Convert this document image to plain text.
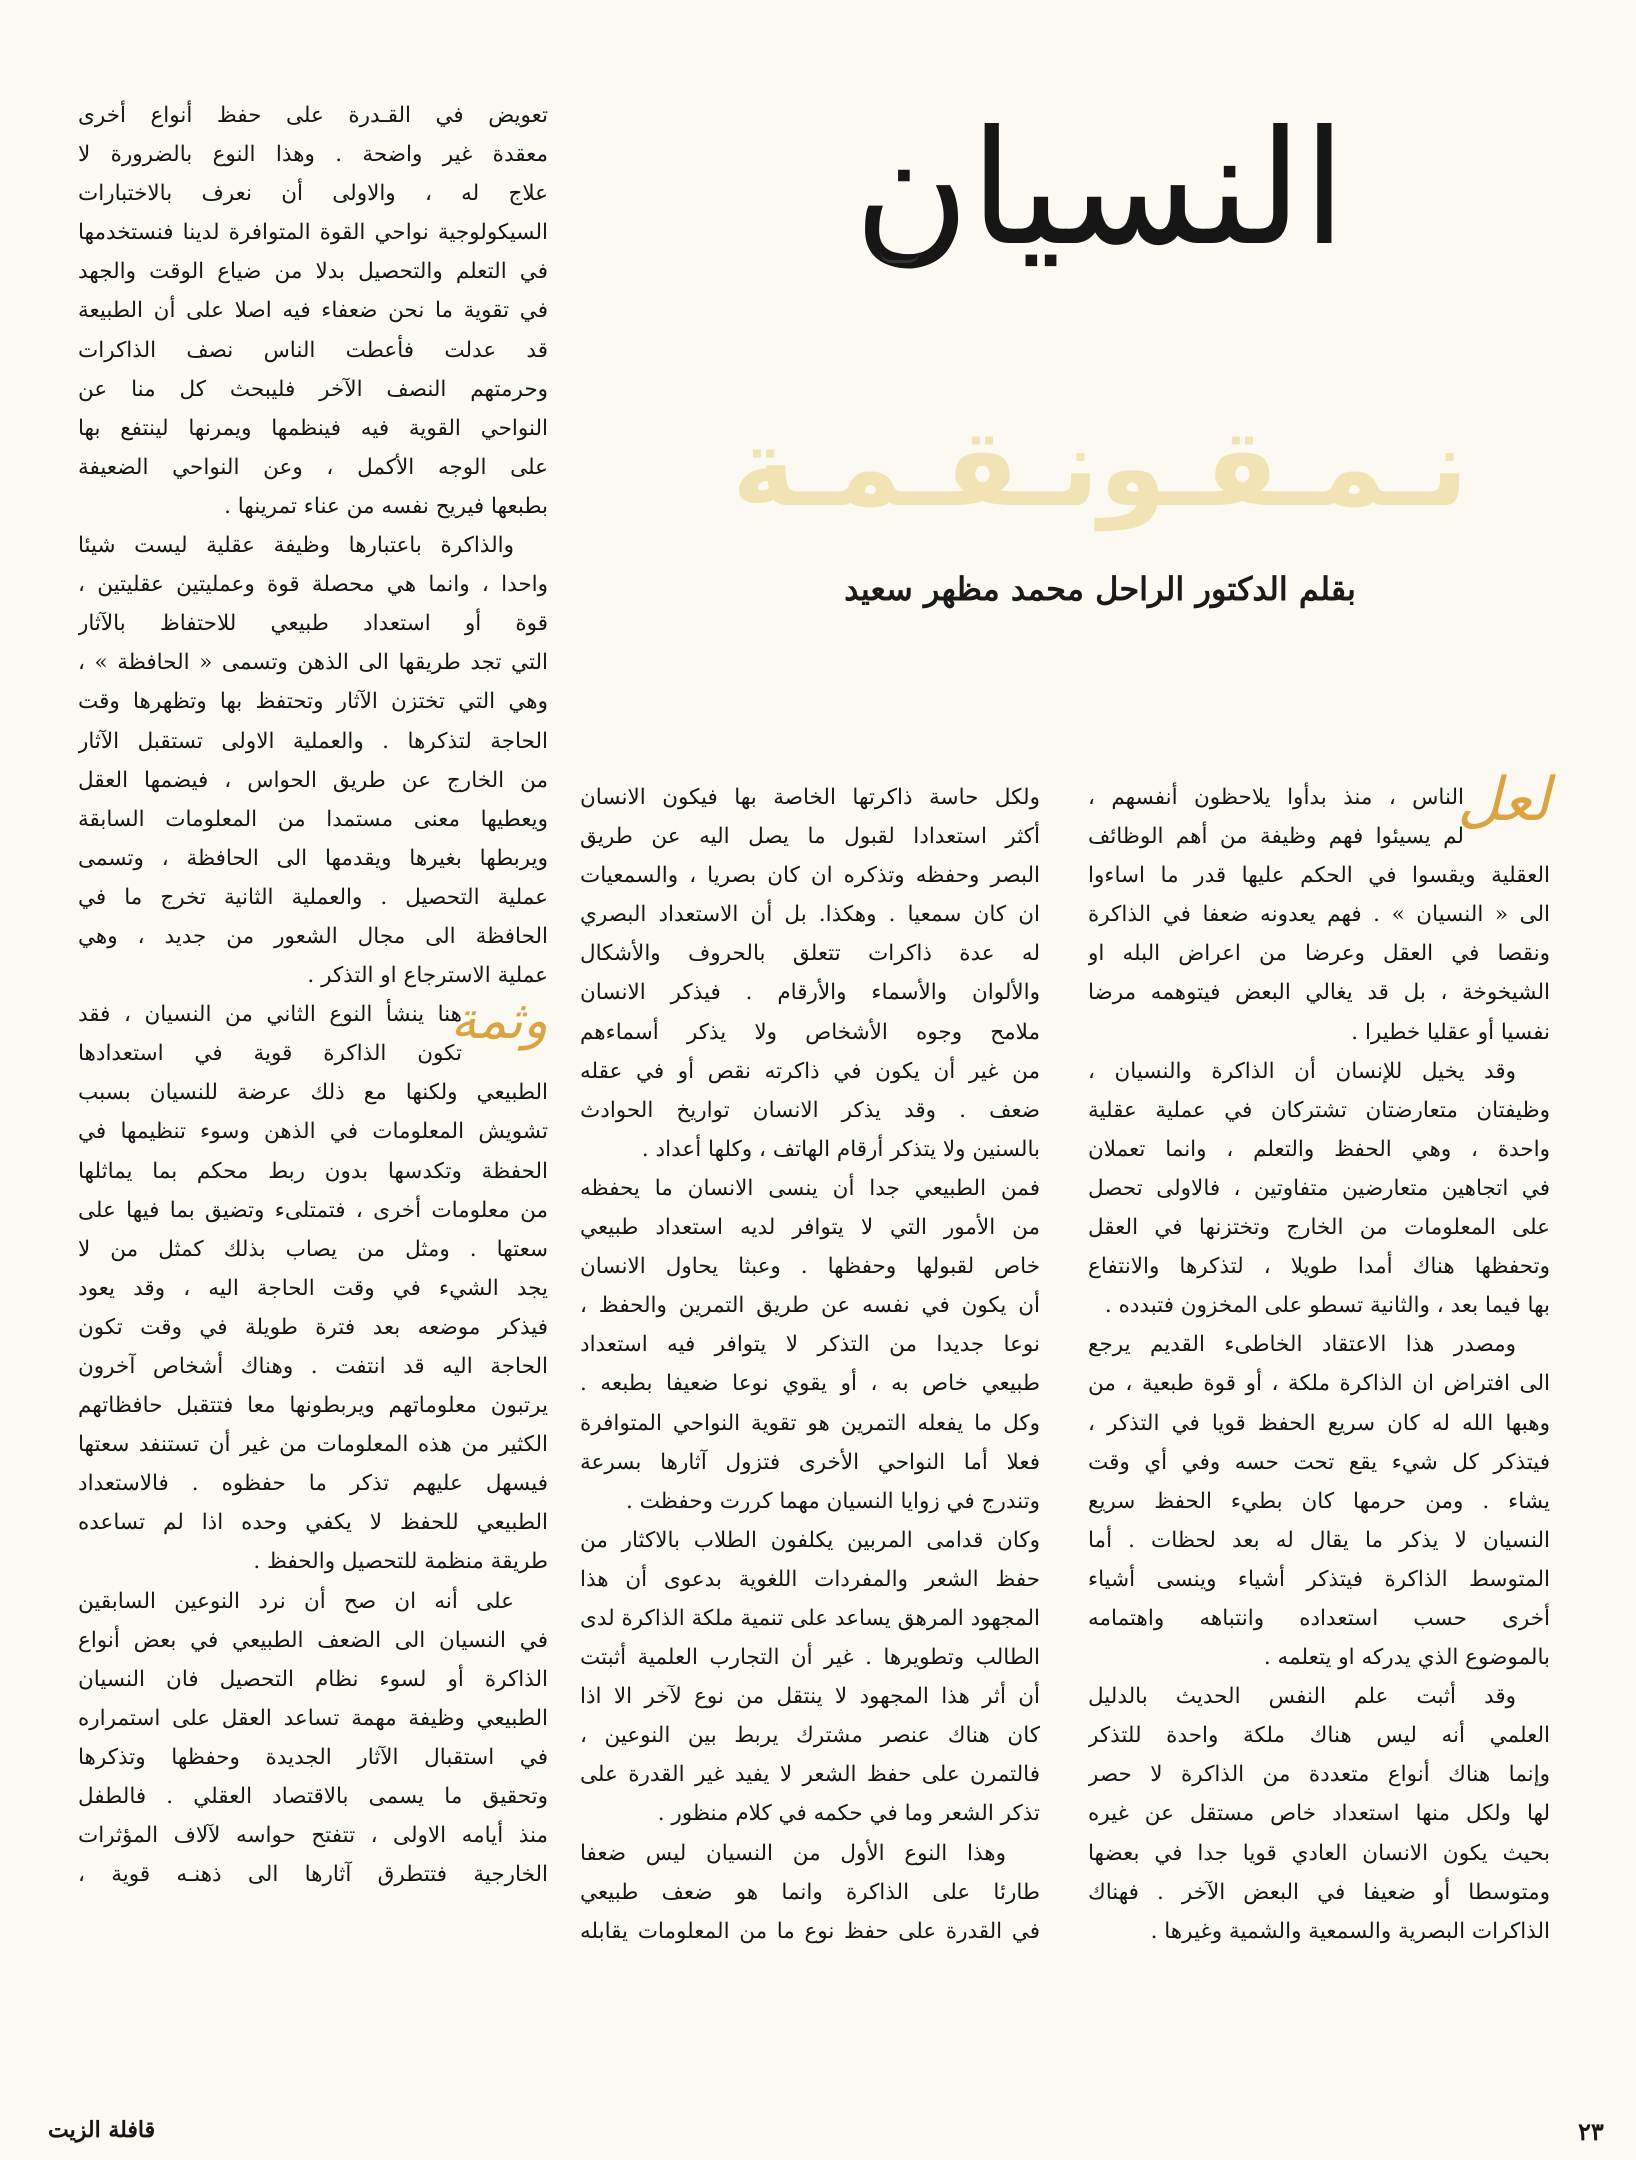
النسيان
نـمـقـونـقـمـة
بقلم الدكتور الراحل محمد مظهر سعيد
لعل
الناس ، منذ بدأوا يلاحظون أنفسهم ،
لم يسيئوا فهم وظيفة من أهم الوظائف
العقلية ويقسوا في الحكم عليها قدر ما اساءوا
الى « النسيان » . فهم يعدونه ضعفا في الذاكرة
ونقصا في العقل وعرضا من اعراض البله او
الشيخوخة ، بل قد يغالي البعض فيتوهمه مرضا
نفسيا أو عقليا خطيرا .
وقد يخيل للإنسان أن الذاكرة والنسيان ،
وظيفتان متعارضتان تشتركان في عملية عقلية
واحدة ، وهي الحفظ والتعلم ، وانما تعملان
في اتجاهين متعارضين متفاوتين ، فالاولى تحصل
على المعلومات من الخارج وتختزنها في العقل
وتحفظها هناك أمدا طويلا ، لتذكرها والانتفاع
بها فيما بعد ، والثانية تسطو على المخزون فتبدده .
ومصدر هذا الاعتقاد الخاطىء القديم يرجع
الى افتراض ان الذاكرة ملكة ، أو قوة طبعية ، من
وهبها الله له كان سريع الحفظ قويا في التذكر ،
فيتذكر كل شيء يقع تحت حسه وفي أي وقت
يشاء . ومن حرمها كان بطيء الحفظ سريع
النسيان لا يذكر ما يقال له بعد لحظات . أما
المتوسط الذاكرة فيتذكر أشياء وينسى أشياء
أخرى حسب استعداده وانتباهه واهتمامه
بالموضوع الذي يدركه او يتعلمه .
وقد أثبت علم النفس الحديث بالدليل
العلمي أنه ليس هناك ملكة واحدة للتذكر
وإنما هناك أنواع متعددة من الذاكرة لا حصر
لها ولكل منها استعداد خاص مستقل عن غيره
بحيث يكون الانسان العادي قويا جدا في بعضها
ومتوسطا أو ضعيفا في البعض الآخر . فهناك
الذاكرات البصرية والسمعية والشمية وغيرها .
ولكل حاسة ذاكرتها الخاصة بها فيكون الانسان
أكثر استعدادا لقبول ما يصل اليه عن طريق
البصر وحفظه وتذكره ان كان بصريا ، والسمعيات
ان كان سمعيا . وهكذا. بل أن الاستعداد البصري
له عدة ذاكرات تتعلق بالحروف والأشكال
والألوان والأسماء والأرقام . فيذكر الانسان
ملامح وجوه الأشخاص ولا يذكر أسماءهم
من غير أن يكون في ذاكرته نقص أو في عقله
ضعف . وقد يذكر الانسان تواريخ الحوادث
بالسنين ولا يتذكر أرقام الهاتف ، وكلها أعداد .
فمن الطبيعي جدا أن ينسى الانسان ما يحفظه
من الأمور التي لا يتوافر لديه استعداد طبيعي
خاص لقبولها وحفظها . وعبثا يحاول الانسان
أن يكون في نفسه عن طريق التمرين والحفظ ،
نوعا جديدا من التذكر لا يتوافر فيه استعداد
طبيعي خاص به ، أو يقوي نوعا ضعيفا بطبعه .
وكل ما يفعله التمرين هو تقوية النواحي المتوافرة
فعلا أما النواحي الأخرى فتزول آثارها بسرعة
وتندرج في زوايا النسيان مهما كررت وحفظت .
وكان قدامى المربين يكلفون الطلاب بالاكثار من
حفظ الشعر والمفردات اللغوية بدعوى أن هذا
المجهود المرهق يساعد على تنمية ملكة الذاكرة لدى
الطالب وتطويرها . غير أن التجارب العلمية أثبتت
أن أثر هذا المجهود لا ينتقل من نوع لآخر الا اذا
كان هناك عنصر مشترك يربط بين النوعين ،
فالتمرن على حفظ الشعر لا يفيد غير القدرة على
تذكر الشعر وما في حكمه في كلام منظور .
وهذا النوع الأول من النسيان ليس ضعفا
طارئا على الذاكرة وانما هو ضعف طبيعي
في القدرة على حفظ نوع ما من المعلومات يقابله
تعويض في القـدرة على حفظ أنواع أخرى
معقدة غير واضحة . وهذا النوع بالضرورة لا
علاج له ، والاولى أن نعرف بالاختبارات
السيكولوجية نواحي القوة المتوافرة لدينا فنستخدمها
في التعلم والتحصيل بدلا من ضياع الوقت والجهد
في تقوية ما نحن ضعفاء فيه اصلا على أن الطبيعة
قد عدلت فأعطت الناس نصف الذاكرات
وحرمتهم النصف الآخر فليبحث كل منا عن
النواحي القوية فيه فينظمها ويمرنها لينتفع بها
على الوجه الأكمل ، وعن النواحي الضعيفة
بطبعها فيريح نفسه من عناء تمرينها .
والذاكرة باعتبارها وظيفة عقلية ليست شيئا
واحدا ، وانما هي محصلة قوة وعمليتين عقليتين ،
قوة أو استعداد طبيعي للاحتفاظ بالآثار
التي تجد طريقها الى الذهن وتسمى « الحافظة » ،
وهي التي تختزن الآثار وتحتفظ بها وتظهرها وقت
الحاجة لتذكرها . والعملية الاولى تستقبل الآثار
من الخارج عن طريق الحواس ، فيضمها العقل
ويعطيها معنى مستمدا من المعلومات السابقة
ويربطها بغيرها ويقدمها الى الحافظة ، وتسمى
عملية التحصيل . والعملية الثانية تخرج ما في
الحافظة الى مجال الشعور من جديد ، وهي
عملية الاسترجاع او التذكر .
وثمة
هنا ينشأ النوع الثاني من النسيان ، فقد
تكون الذاكرة قوية في استعدادها
الطبيعي ولكنها مع ذلك عرضة للنسيان بسبب
تشويش المعلومات في الذهن وسوء تنظيمها في
الحفظة وتكدسها بدون ربط محكم بما يماثلها
من معلومات أخرى ، فتمتلىء وتضيق بما فيها على
سعتها . ومثل من يصاب بذلك كمثل من لا
يجد الشيء في وقت الحاجة اليه ، وقد يعود
فيذكر موضعه بعد فترة طويلة في وقت تكون
الحاجة اليه قد انتفت . وهناك أشخاص آخرون
يرتبون معلوماتهم ويربطونها معا فتتقبل حافظاتهم
الكثير من هذه المعلومات من غير أن تستنفد سعتها
فيسهل عليهم تذكر ما حفظوه . فالاستعداد
الطبيعي للحفظ لا يكفي وحده اذا لم تساعده
طريقة منظمة للتحصيل والحفظ .
على أنه ان صح أن نرد النوعين السابقين
في النسيان الى الضعف الطبيعي في بعض أنواع
الذاكرة أو لسوء نظام التحصيل فان النسيان
الطبيعي وظيفة مهمة تساعد العقل على استمراره
في استقبال الآثار الجديدة وحفظها وتذكرها
وتحقيق ما يسمى بالاقتصاد العقلي . فالطفل
منذ أيامه الاولى ، تتفتح حواسه لآلاف المؤثرات
الخارجية فتتطرق آثارها الى ذهنـه قوية ،
قافلة الزيت	٢٣
